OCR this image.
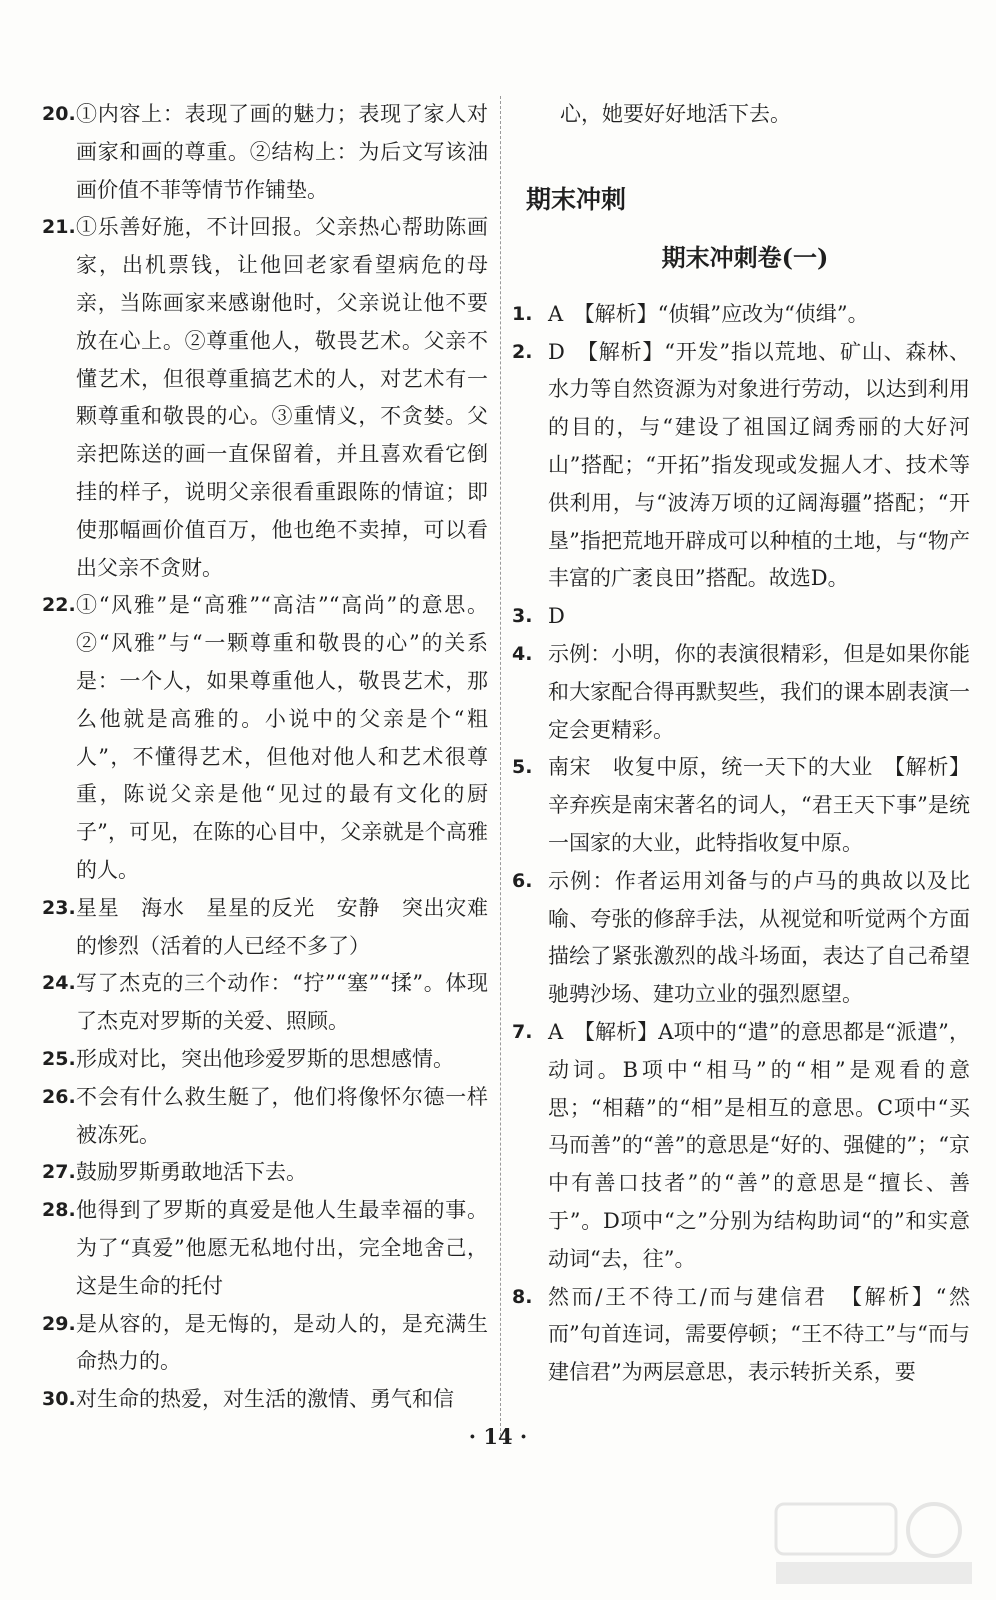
20. ①内容上：表现了画的魅力；表现了家人对画家和画的尊重。②结构上：为后文写该油画价值不菲等情节作铺垫。

21. ①乐善好施，不计回报。父亲热心帮助陈画家，出机票钱，让他回老家看望病危的母亲，当陈画家来感谢他时，父亲说让他不要放在心上。②尊重他人，敬畏艺术。父亲不懂艺术，但很尊重搞艺术的人，对艺术有一颗尊重和敬畏的心。③重情义，不贪婪。父亲把陈送的画一直保留着，并且喜欢看它倒挂的样子，说明父亲很看重跟陈的情谊；即使那幅画价值百万，他也绝不卖掉，可以看出父亲不贪财。

22. ①“风雅”是“高雅”“高洁”“高尚”的意思。②“风雅”与“一颗尊重和敬畏的心”的关系是：一个人，如果尊重他人，敬畏艺术，那么他就是高雅的。小说中的父亲是个“粗人”，不懂得艺术，但他对他人和艺术很尊重，陈说父亲是他“见过的最有文化的厨子”，可见，在陈的心目中，父亲就是个高雅的人。

23. 星星　海水　星星的反光　安静　突出灾难的惨烈（活着的人已经不多了）

24. 写了杰克的三个动作：“拧”“塞”“揉”。体现了杰克对罗斯的关爱、照顾。

25. 形成对比，突出他珍爱罗斯的思想感情。

26. 不会有什么救生艇了，他们将像怀尔德一样被冻死。

27. 鼓励罗斯勇敢地活下去。

28. 他得到了罗斯的真爱是他人生最幸福的事。为了“真爱”他愿无私地付出，完全地舍己，这是生命的托付

29. 是从容的，是无悔的，是动人的，是充满生命热力的。

30. 对生命的热爱，对生活的激情、勇气和信

心，她要好好地活下去。

期末冲刺
期末冲刺卷(一)

1. A　【解析】“侦辑”应改为“侦缉”。

2. D　【解析】“开发”指以荒地、矿山、森林、水力等自然资源为对象进行劳动，以达到利用的目的，与“建设了祖国辽阔秀丽的大好河山”搭配；“开拓”指发现或发掘人才、技术等供利用，与“波涛万顷的辽阔海疆”搭配；“开垦”指把荒地开辟成可以种植的土地，与“物产丰富的广袤良田”搭配。故选D。

3. D

4. 示例：小明，你的表演很精彩，但是如果你能和大家配合得再默契些，我们的课本剧表演一定会更精彩。

5. 南宋　收复中原，统一天下的大业　【解析】辛弃疾是南宋著名的词人，“君王天下事”是统一国家的大业，此特指收复中原。

6. 示例：作者运用刘备与的卢马的典故以及比喻、夸张的修辞手法，从视觉和听觉两个方面描绘了紧张激烈的战斗场面，表达了自己希望驰骋沙场、建功立业的强烈愿望。

7. A　【解析】A项中的“遣”的意思都是“派遣”，动词。B项中“相马”的“相”是观看的意思；“相藉”的“相”是相互的意思。C项中“买马而善”的“善”的意思是“好的、强健的”；“京中有善口技者”的“善”的意思是“擅长、善于”。D项中“之”分别为结构助词“的”和实意动词“去，往”。

8. 然而/王不待工/而与建信君　【解析】“然而”句首连词，需要停顿；“王不待工”与“而与建信君”为两层意思，表示转折关系，要

· 14 ·
